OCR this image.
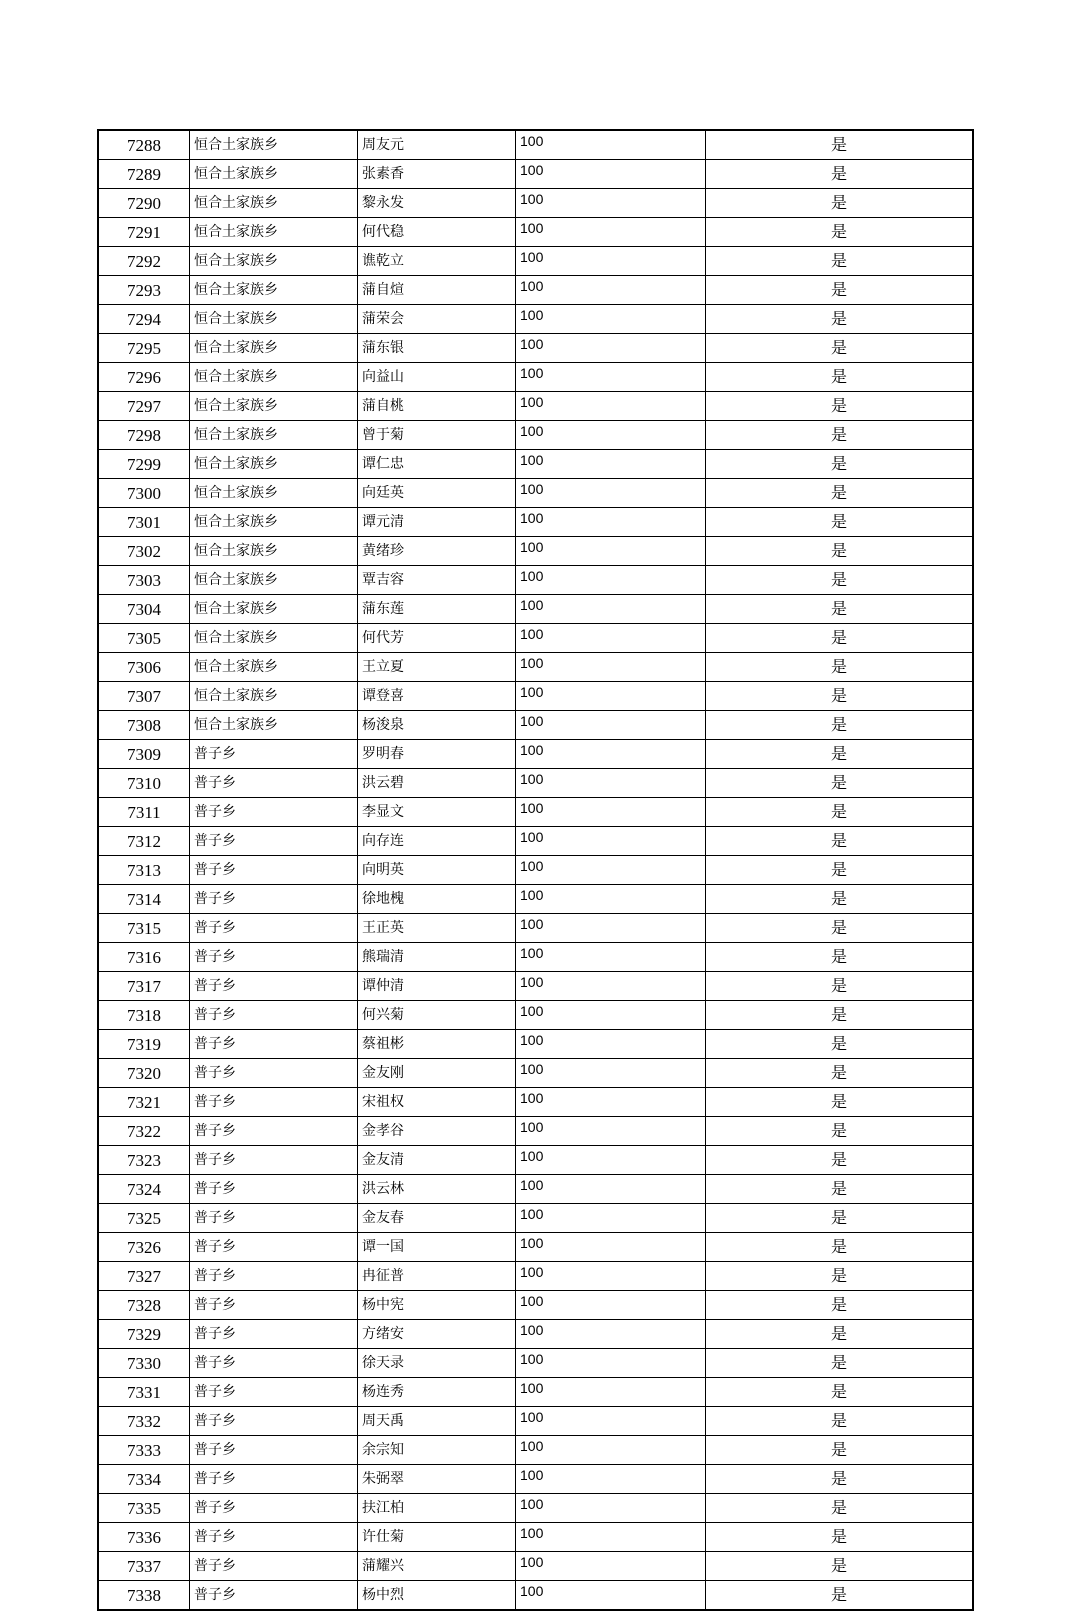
7288	恒合土家族乡	周友元	100	是
7289	恒合土家族乡	张素香	100	是
7290	恒合土家族乡	黎永发	100	是
7291	恒合土家族乡	何代稳	100	是
7292	恒合土家族乡	谯乾立	100	是
7293	恒合土家族乡	蒲自煊	100	是
7294	恒合土家族乡	蒲荣会	100	是
7295	恒合土家族乡	蒲东银	100	是
7296	恒合土家族乡	向益山	100	是
7297	恒合土家族乡	蒲自桃	100	是
7298	恒合土家族乡	曾于菊	100	是
7299	恒合土家族乡	谭仁忠	100	是
7300	恒合土家族乡	向廷英	100	是
7301	恒合土家族乡	谭元清	100	是
7302	恒合土家族乡	黄绪珍	100	是
7303	恒合土家族乡	覃吉容	100	是
7304	恒合土家族乡	蒲东莲	100	是
7305	恒合土家族乡	何代芳	100	是
7306	恒合土家族乡	王立夏	100	是
7307	恒合土家族乡	谭登喜	100	是
7308	恒合土家族乡	杨浚泉	100	是
7309	普子乡	罗明春	100	是
7310	普子乡	洪云碧	100	是
7311	普子乡	李显文	100	是
7312	普子乡	向存连	100	是
7313	普子乡	向明英	100	是
7314	普子乡	徐地槐	100	是
7315	普子乡	王正英	100	是
7316	普子乡	熊瑞清	100	是
7317	普子乡	谭仲清	100	是
7318	普子乡	何兴菊	100	是
7319	普子乡	蔡祖彬	100	是
7320	普子乡	金友刚	100	是
7321	普子乡	宋祖权	100	是
7322	普子乡	金孝谷	100	是
7323	普子乡	金友清	100	是
7324	普子乡	洪云林	100	是
7325	普子乡	金友春	100	是
7326	普子乡	谭一国	100	是
7327	普子乡	冉征普	100	是
7328	普子乡	杨中宪	100	是
7329	普子乡	方绪安	100	是
7330	普子乡	徐天录	100	是
7331	普子乡	杨连秀	100	是
7332	普子乡	周天禹	100	是
7333	普子乡	余宗知	100	是
7334	普子乡	朱弼翠	100	是
7335	普子乡	扶江柏	100	是
7336	普子乡	许仕菊	100	是
7337	普子乡	蒲耀兴	100	是
7338	普子乡	杨中烈	100	是
